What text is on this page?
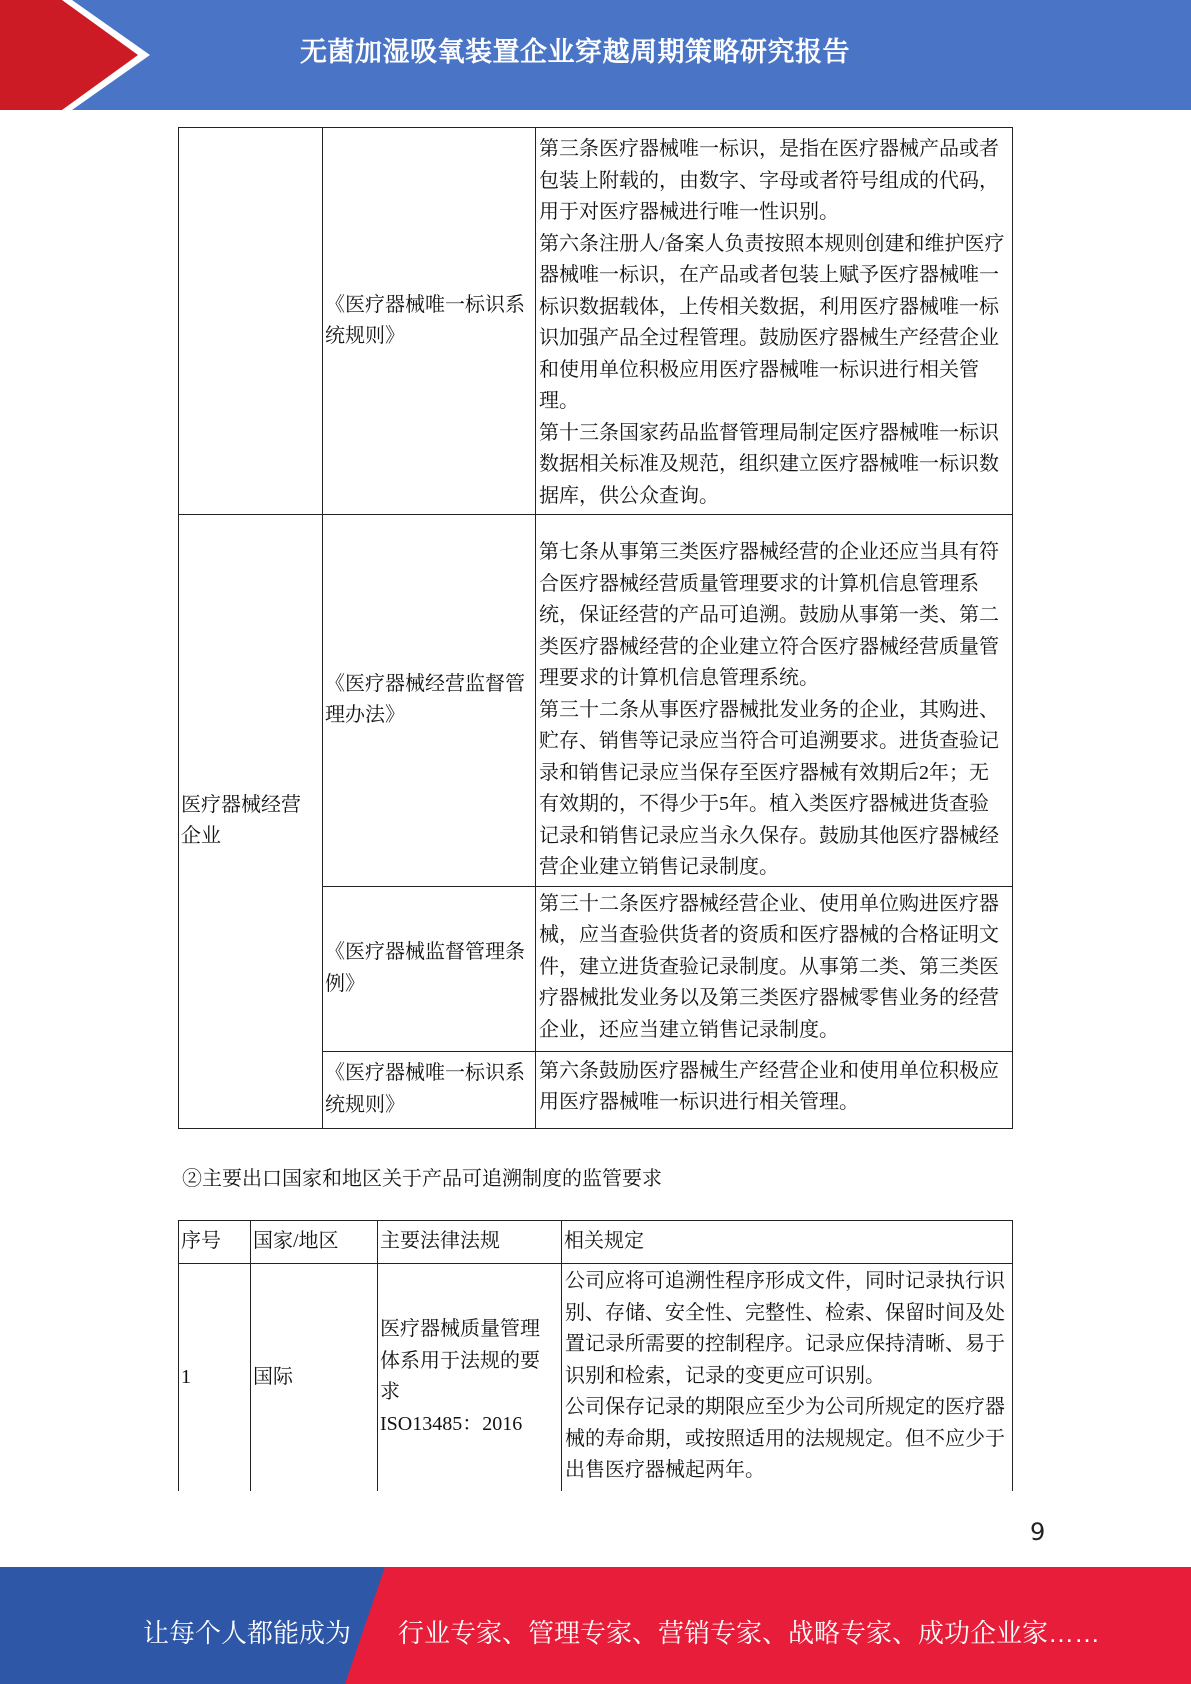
无菌加湿吸氧装置企业穿越周期策略研究报告
	《医疗器械唯一标识系统规则》	第三条医疗器械唯一标识，是指在医疗器械产品或者包装上附载的，由数字、字母或者符号组成的代码，用于对医疗器械进行唯一性识别。
第六条注册人/备案人负责按照本规则创建和维护医疗器械唯一标识，在产品或者包装上赋予医疗器械唯一标识数据载体，上传相关数据，利用医疗器械唯一标识加强产品全过程管理。鼓励医疗器械生产经营企业和使用单位积极应用医疗器械唯一标识进行相关管理。
第十三条国家药品监督管理局制定医疗器械唯一标识数据相关标准及规范，组织建立医疗器械唯一标识数据库，供公众查询。
医疗器械经营企业	《医疗器械经营监督管理办法》	第七条从事第三类医疗器械经营的企业还应当具有符合医疗器械经营质量管理要求的计算机信息管理系统，保证经营的产品可追溯。鼓励从事第一类、第二类医疗器械经营的企业建立符合医疗器械经营质量管理要求的计算机信息管理系统。
第三十二条从事医疗器械批发业务的企业，其购进、贮存、销售等记录应当符合可追溯要求。进货查验记录和销售记录应当保存至医疗器械有效期后2年；无有效期的，不得少于5年。植入类医疗器械进货查验记录和销售记录应当永久保存。鼓励其他医疗器械经营企业建立销售记录制度。
	《医疗器械监督管理条例》	第三十二条医疗器械经营企业、使用单位购进医疗器械，应当查验供货者的资质和医疗器械的合格证明文件，建立进货查验记录制度。从事第二类、第三类医疗器械批发业务以及第三类医疗器械零售业务的经营企业，还应当建立销售记录制度。
	《医疗器械唯一标识系统规则》	第六条鼓励医疗器械生产经营企业和使用单位积极应用医疗器械唯一标识进行相关管理。
②主要出口国家和地区关于产品可追溯制度的监管要求
序号	国家/地区	主要法律法规	相关规定
1	国际	医疗器械质量管理体系用于法规的要求
ISO13485：2016	公司应将可追溯性程序形成文件，同时记录执行识别、存储、安全性、完整性、检索、保留时间及处置记录所需要的控制程序。记录应保持清晰、易于识别和检索，记录的变更应可识别。
公司保存记录的期限应至少为公司所规定的医疗器械的寿命期，或按照适用的法规规定。但不应少于出售医疗器械起两年。
9
让每个人都能成为 行业专家、管理专家、营销专家、战略专家、成功企业家……
